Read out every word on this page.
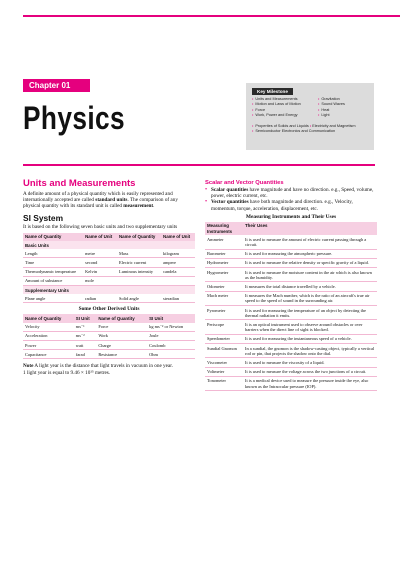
Chapter 01
Physics
Key Milestone
• Units and Measurements
• Motion and Laws of Motion
• Force
• Work, Power and Energy
• Gravitation
• Sound Waves
• Heat
• Light
• Properties of Solids and Liquids • Electricity and Magnetism
• Semiconductor Electronics and Communication
Units and Measurements

A definite amount of a physical quantity which is easily represented and internationally accepted are called standard units. The comparison of any physical quantity with its standard unit is called measurement.

SI System

It is based on the following seven basic units and two supplementary units

Name of Quantity	Name of Unit	Name of Quantity	Name of Unit
Basic Units			
Length	metre	Mass	kilogram
Time	second	Electric current	ampere
Thermodynamic temperature	Kelvin	Luminous intensity	candela
Amount of substance	mole		
Supplementary Units			
Plane angle	radian	Solid angle	steradian
Some Other Derived Units
Name of Quantity	SI Unit	Name of Quantity	SI Unit
Velocity	ms⁻¹	Force	kg ms⁻² or Newton
Acceleration	ms⁻²	Work	Joule
Power	watt	Charge	Coulomb
Capacitance	farad	Resistance	Ohm

Note A light year is the distance that light travels in vacuum in one year.

1 light year is equal to 9.46 × 10¹⁵ metres.

Scalar and Vector Quantities

• Scalar quantities have magnitude and have no direction. e.g., Speed, volume, power, electric current, etc.

• Vector quantities have both magnitude and direction. e.g., Velocity, momentum, torque, acceleration, displacement, etc.

Measuring Instruments and Their Uses
Measuring Instruments	Their Uses
Ammeter	It is used to measure the amount of electric current passing through a circuit.
Barometer	It is used for measuring the atmospheric pressure.
Hydrometer	It is used to measure the relative density or specific gravity of a liquid.
Hygrometer	It is used to measure the moisture content in the air which is also known as the humidity.
Odometer	It measures the total distance travelled by a vehicle.
Mach meter	It measures the Mach number, which is the ratio of an aircraft's true air speed to the speed of sound in the surrounding air.
Pyrometer	It is used for measuring the temperature of an object by detecting the thermal radiation it emits.
Periscope	It is an optical instrument used to observe around obstacles or over barriers when the direct line of sight is blocked.
Speedometer	It is used for measuring the instantaneous speed of a vehicle.
Sundial Gnomon	In a sundial, the gnomon is the shadow-casting object, typically a vertical rod or pin, that projects the shadow onto the dial.
Viscometer	It is used to measure the viscosity of a liquid.
Voltmeter	It is used to measure the voltage across the two junctions of a circuit.
Tonometer	It is a medical device used to measure the pressure inside the eye, also known as the Intraocular pressure (IOP).
